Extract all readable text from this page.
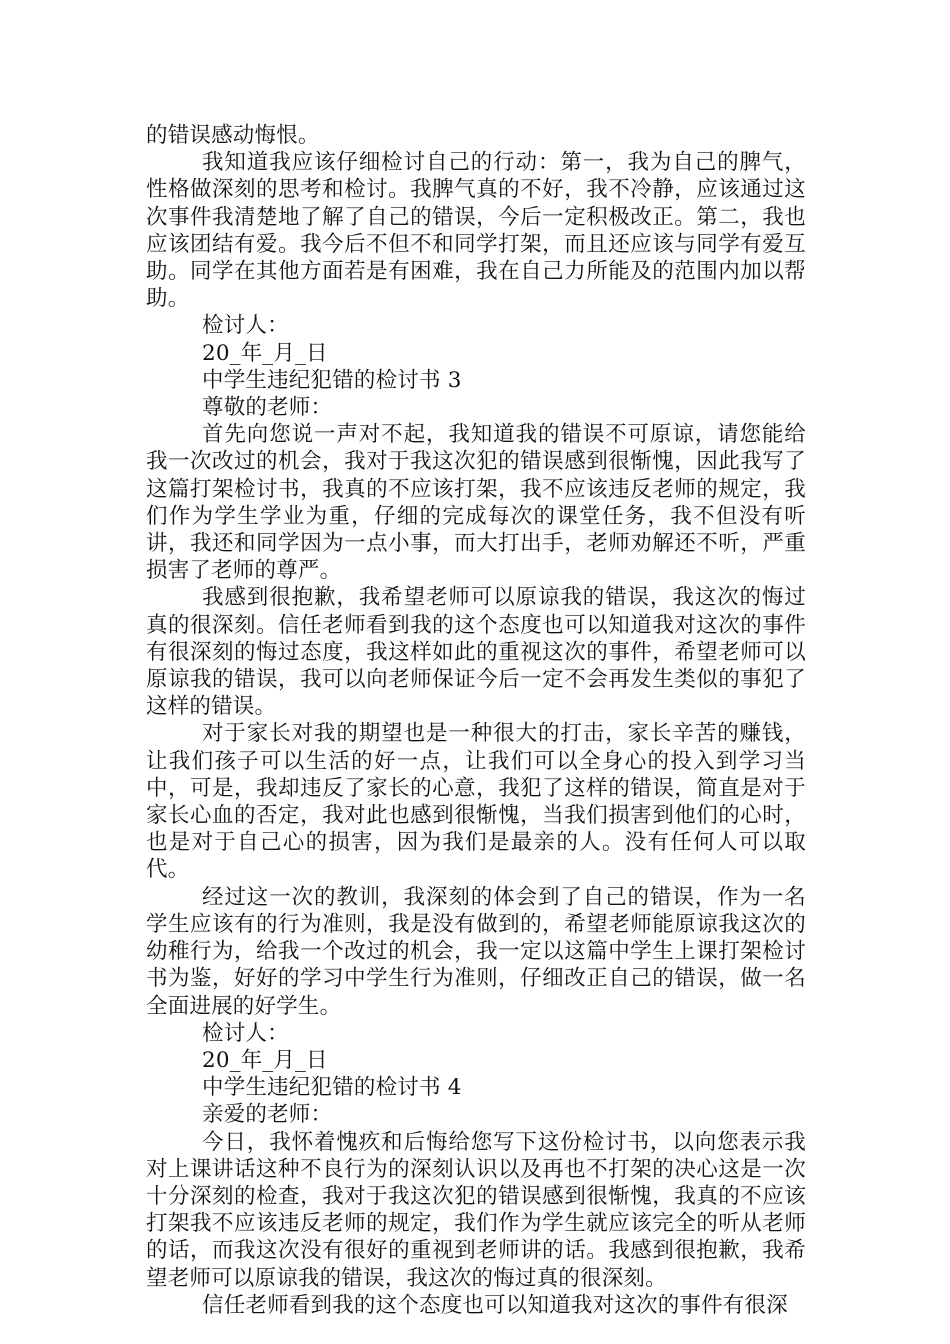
的错误感动悔恨。

我知道我应该仔细检讨自己的行动：第一，我为自己的脾气，性格做深刻的思考和检讨。我脾气真的不好，我不冷静，应该通过这次事件我清楚地了解了自己的错误，今后一定积极改正。第二，我也应该团结有爱。我今后不但不和同学打架，而且还应该与同学有爱互助。同学在其他方面若是有困难，我在自己力所能及的范围内加以帮助。

检讨人：

20_年_月_日

中学生违纪犯错的检讨书 3

尊敬的老师：

首先向您说一声对不起，我知道我的错误不可原谅，请您能给我一次改过的机会，我对于我这次犯的错误感到很惭愧，因此我写了这篇打架检讨书，我真的不应该打架，我不应该违反老师的规定，我们作为学生学业为重，仔细的完成每次的课堂任务，我不但没有听讲，我还和同学因为一点小事，而大打出手，老师劝解还不听，严重损害了老师的尊严。

我感到很抱歉，我希望老师可以原谅我的错误，我这次的悔过真的很深刻。信任老师看到我的这个态度也可以知道我对这次的事件有很深刻的悔过态度，我这样如此的重视这次的事件，希望老师可以原谅我的错误，我可以向老师保证今后一定不会再发生类似的事犯了这样的错误。

对于家长对我的期望也是一种很大的打击，家长辛苦的赚钱，让我们孩子可以生活的好一点，让我们可以全身心的投入到学习当中，可是，我却违反了家长的心意，我犯了这样的错误，简直是对于家长心血的否定，我对此也感到很惭愧，当我们损害到他们的心时，也是对于自己心的损害，因为我们是最亲的人。没有任何人可以取代。

经过这一次的教训，我深刻的体会到了自己的错误，作为一名学生应该有的行为准则，我是没有做到的，希望老师能原谅我这次的幼稚行为，给我一个改过的机会，我一定以这篇中学生上课打架检讨书为鉴，好好的学习中学生行为准则，仔细改正自己的错误，做一名全面进展的好学生。

检讨人：

20_年_月_日

中学生违纪犯错的检讨书 4

亲爱的老师：

今日，我怀着愧疚和后悔给您写下这份检讨书，以向您表示我对上课讲话这种不良行为的深刻认识以及再也不打架的决心这是一次十分深刻的检查，我对于我这次犯的错误感到很惭愧，我真的不应该打架我不应该违反老师的规定，我们作为学生就应该完全的听从老师的话，而我这次没有很好的重视到老师讲的话。我感到很抱歉，我希望老师可以原谅我的错误，我这次的悔过真的很深刻。

信任老师看到我的这个态度也可以知道我对这次的事件有很深
